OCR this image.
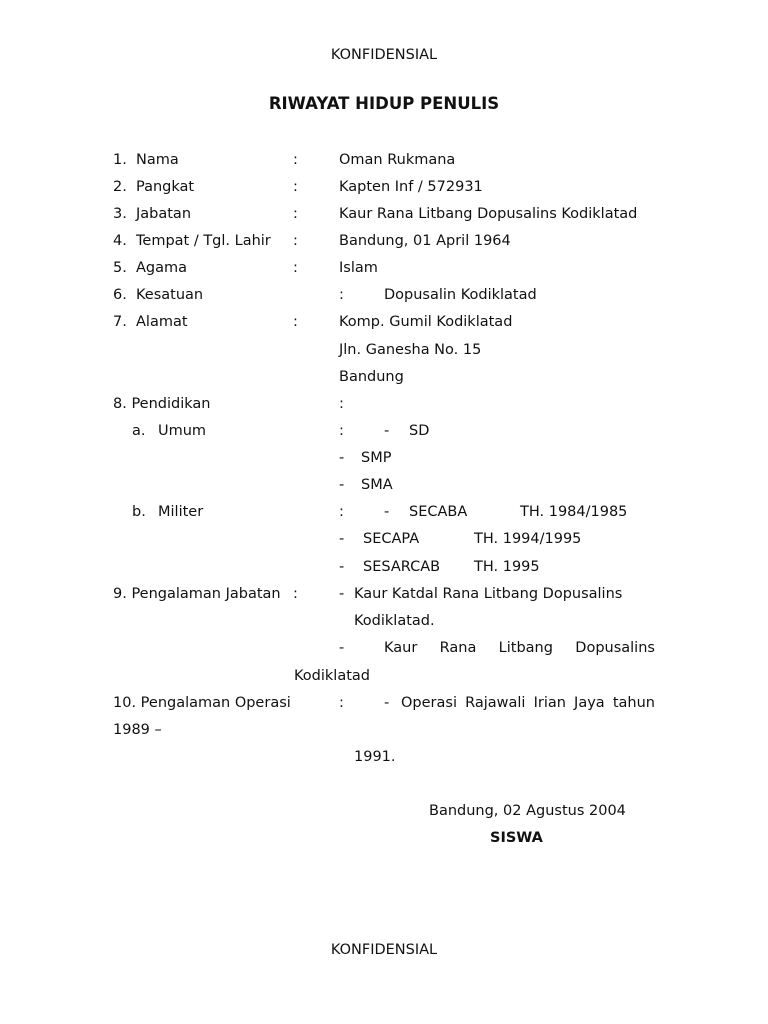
KONFIDENSIAL
RIWAYAT HIDUP PENULIS
1. Nama	:	Oman Rukmana
2. Pangkat	:	Kapten Inf / 572931
3. Jabatan	:	Kaur Rana Litbang Dopusalins Kodiklatad
4. Tempat / Tgl. Lahir :	Bandung, 01 April 1964
5. Agama	:	Islam
6. Kesatuan	:	Dopusalin Kodiklatad
7. Alamat	:	Komp. Gumil Kodiklatad
Jln. Ganesha No. 15
Bandung
8. Pendidikan	:
a. Umum	:	- SD
- SMP
- SMA
b. Militer	:	- SECABA	TH. 1984/1985
- SECAPA	TH. 1994/1995
- SESARCAB TH. 1995
9. Pengalaman Jabatan :	- Kaur Katdal Rana Litbang Dopusalins
Kodiklatad.
-	Kaur Rana Litbang Dopusalins
Kodiklatad
10. Pengalaman Operasi	:	- Operasi Rajawali Irian Jaya tahun
1989 –
1991.
Bandung, 02 Agustus 2004
SISWA
KONFIDENSIAL
